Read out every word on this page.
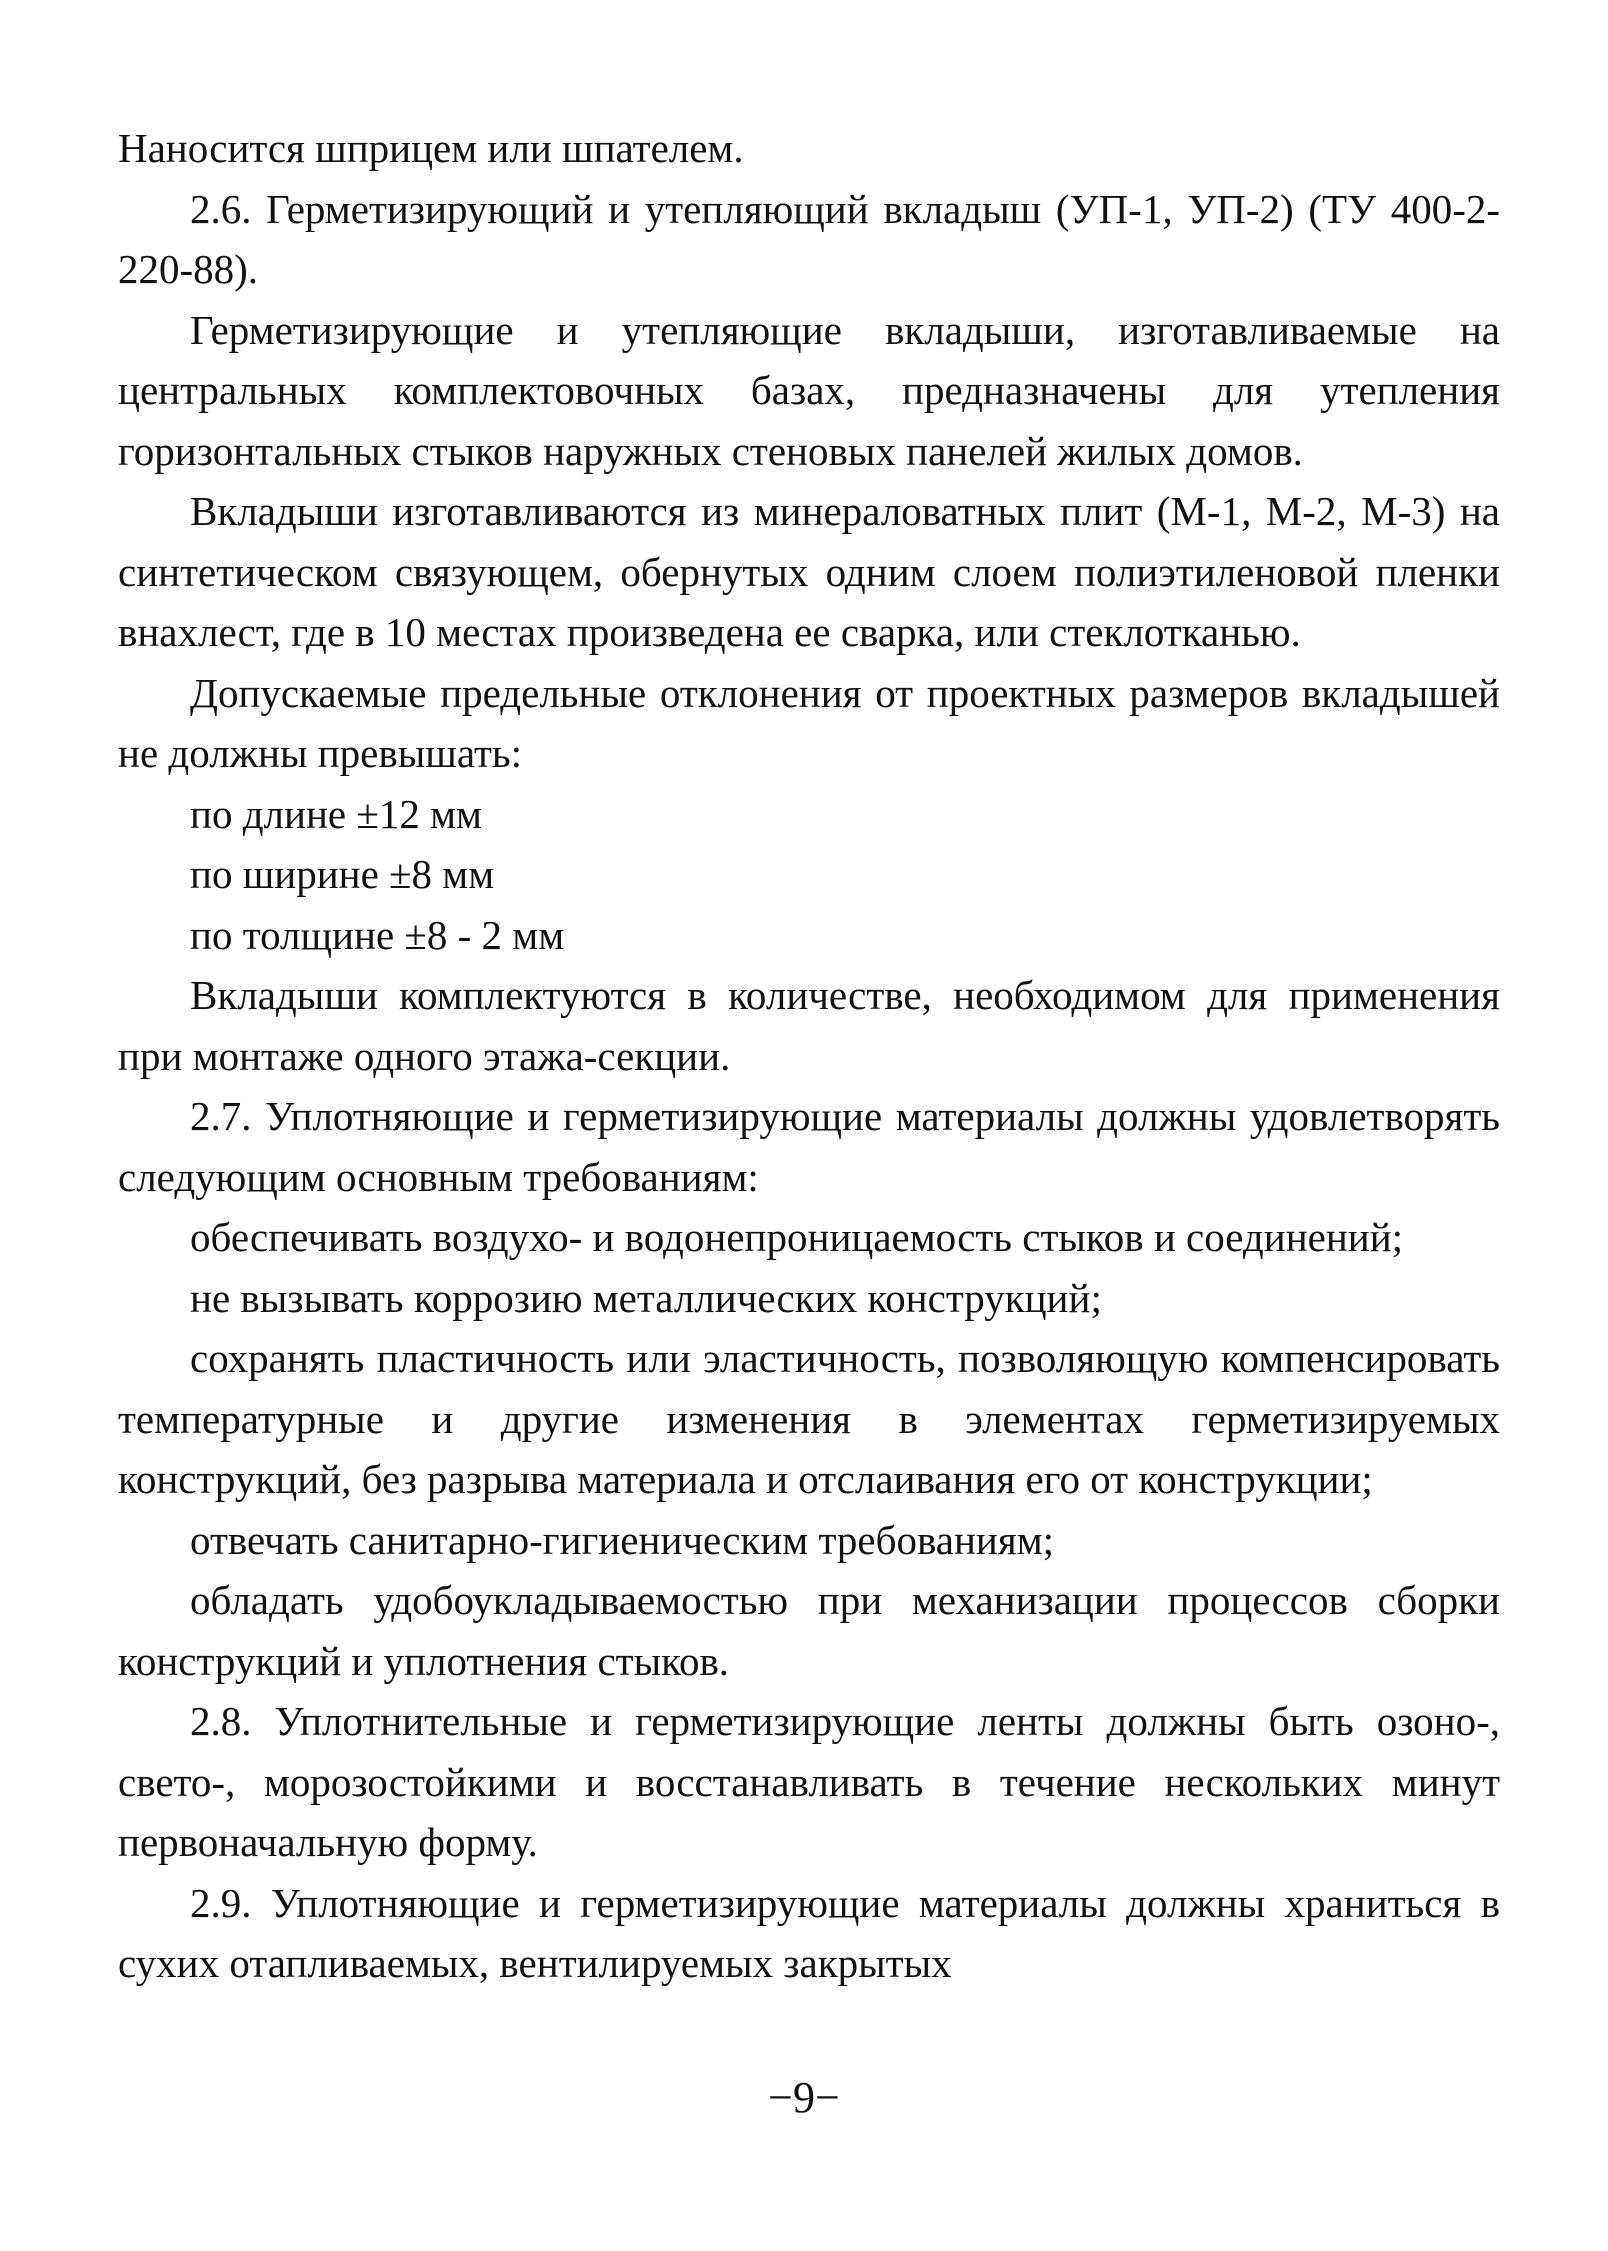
Наносится шприцем или шпателем.

2.6. Герметизирующий и утепляющий вкладыш (УП-1, УП-2) (ТУ 400-2-220-88).

Герметизирующие и утепляющие вкладыши, изготавливаемые на центральных комплектовочных базах, предназначены для утепления горизонтальных стыков наружных стеновых панелей жилых домов.

Вкладыши изготавливаются из минераловатных плит (М-1, М-2, М-3) на синтетическом связующем, обернутых одним слоем полиэтиленовой пленки внахлест, где в 10 местах произведена ее сварка, или стеклотканью.

Допускаемые предельные отклонения от проектных размеров вкладышей не должны превышать:

по длине ±12 мм

по ширине ±8 мм

по толщине ±8 - 2 мм

Вкладыши комплектуются в количестве, необходимом для применения при монтаже одного этажа-секции.

2.7. Уплотняющие и герметизирующие материалы должны удовлетворять следующим основным требованиям:

обеспечивать воздухо- и водонепроницаемость стыков и соединений;

не вызывать коррозию металлических конструкций;

сохранять пластичность или эластичность, позволяющую компенсировать температурные и другие изменения в элементах герметизируемых конструкций, без разрыва материала и отслаивания его от конструкции;

отвечать санитарно-гигиеническим требованиям;

обладать удобоукладываемостью при механизации процессов сборки конструкций и уплотнения стыков.

2.8. Уплотнительные и герметизирующие ленты должны быть озоно-, свето-, морозостойкими и восстанавливать в течение нескольких минут первоначальную форму.

2.9. Уплотняющие и герметизирующие материалы должны храниться в сухих отапливаемых, вентилируемых закрытых

−9−
